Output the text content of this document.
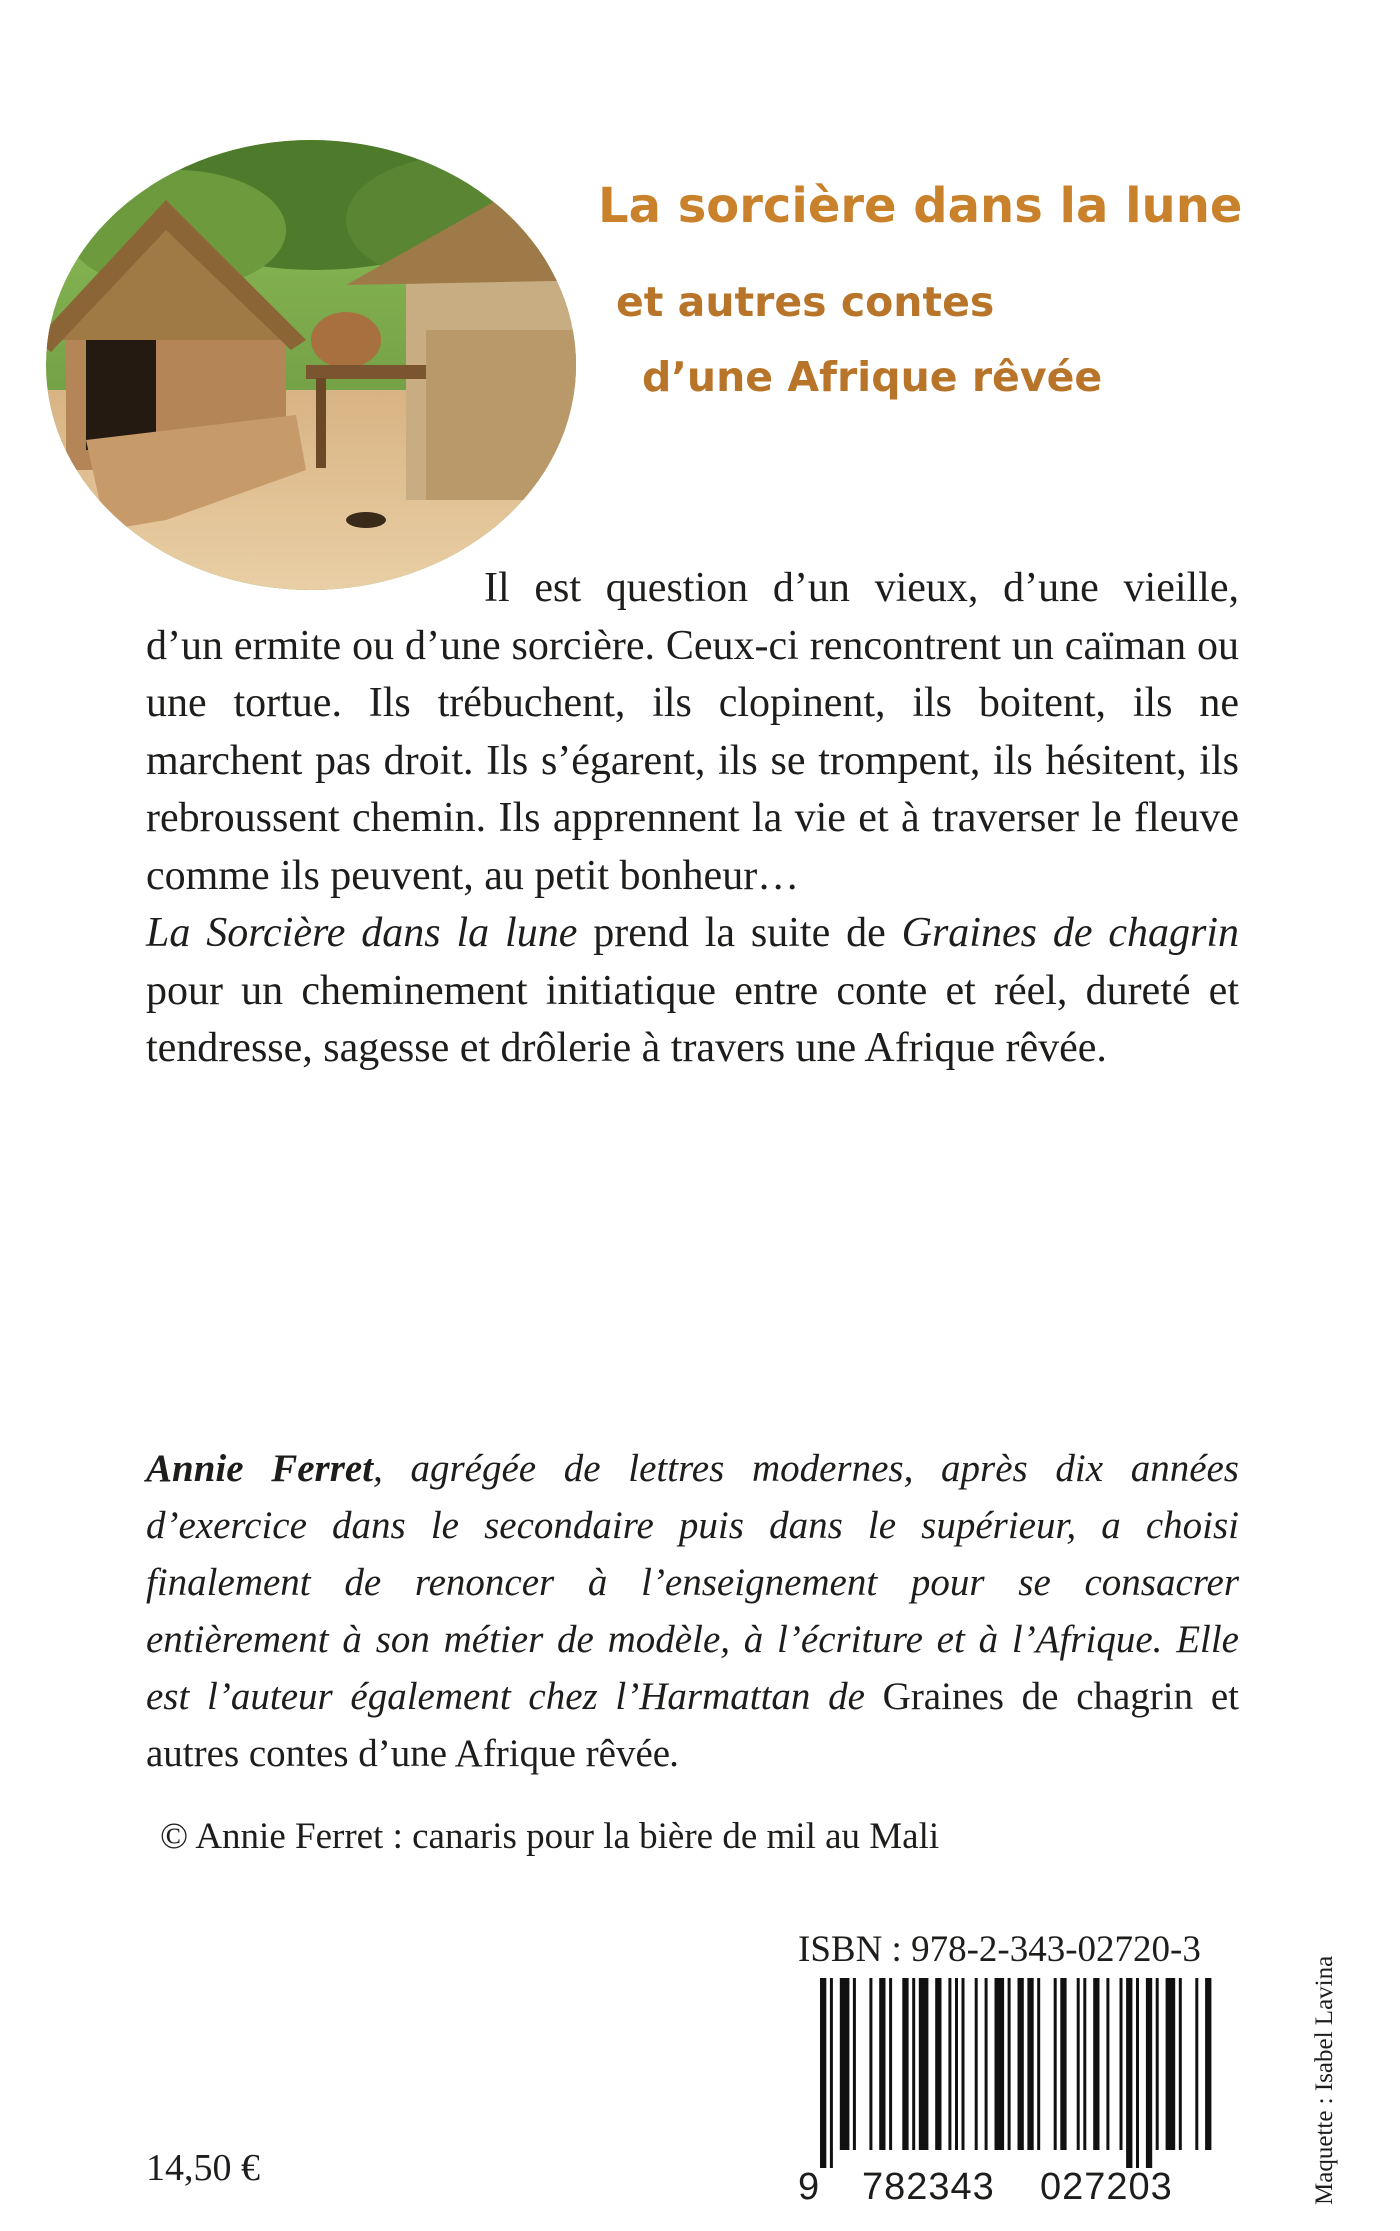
La sorcière dans la lune
et autres contes
d’une Afrique rêvée

Il est question d’un vieux, d’une vieille, d’un ermite ou d’une sorcière. Ceux-ci rencontrent un caïman ou une tortue. Ils trébuchent, ils clopinent, ils boitent, ils ne marchent pas droit. Ils s’égarent, ils se trompent, ils hésitent, ils rebroussent chemin. Ils apprennent la vie et à traverser le fleuve comme ils peuvent, au petit bonheur…

La Sorcière dans la lune prend la suite de Graines de chagrin pour un cheminement initiatique entre conte et réel, dureté et tendresse, sagesse et drôlerie à travers une Afrique rêvée.

Annie Ferret, agrégée de lettres modernes, après dix années d’exercice dans le secondaire puis dans le supérieur, a choisi finalement de renoncer à l’enseignement pour se consacrer entièrement à son métier de modèle, à l’écriture et à l’Afrique. Elle est l’auteur également chez l’Harmattan de Graines de chagrin et autres contes d’une Afrique rêvée.
© Annie Ferret : canaris pour la bière de mil au Mali
ISBN : 978-2-343-02720-3
9 782343 027203
14,50 €	Maquette : Isabel Lavina
